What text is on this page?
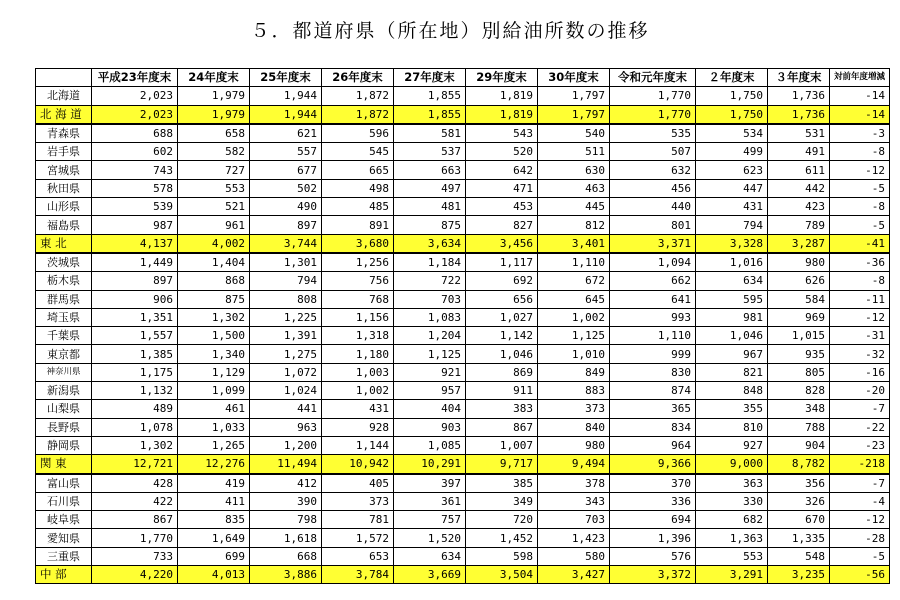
５．都道府県（所在地）別給油所数の推移
	平成23年度末	24年度末	25年度末	26年度末	27年度末	29年度末	30年度末	令和元年度末	２年度末	３年度末	対前年度増減
北海道	2,023	1,979	1,944	1,872	1,855	1,819	1,797	1,770	1,750	1,736	-14
北 海 道	2,023	1,979	1,944	1,872	1,855	1,819	1,797	1,770	1,750	1,736	-14
青森県	688	658	621	596	581	543	540	535	534	531	-3
岩手県	602	582	557	545	537	520	511	507	499	491	-8
宮城県	743	727	677	665	663	642	630	632	623	611	-12
秋田県	578	553	502	498	497	471	463	456	447	442	-5
山形県	539	521	490	485	481	453	445	440	431	423	-8
福島県	987	961	897	891	875	827	812	801	794	789	-5
東 北	4,137	4,002	3,744	3,680	3,634	3,456	3,401	3,371	3,328	3,287	-41
茨城県	1,449	1,404	1,301	1,256	1,184	1,117	1,110	1,094	1,016	980	-36
栃木県	897	868	794	756	722	692	672	662	634	626	-8
群馬県	906	875	808	768	703	656	645	641	595	584	-11
埼玉県	1,351	1,302	1,225	1,156	1,083	1,027	1,002	993	981	969	-12
千葉県	1,557	1,500	1,391	1,318	1,204	1,142	1,125	1,110	1,046	1,015	-31
東京都	1,385	1,340	1,275	1,180	1,125	1,046	1,010	999	967	935	-32
神奈川県	1,175	1,129	1,072	1,003	921	869	849	830	821	805	-16
新潟県	1,132	1,099	1,024	1,002	957	911	883	874	848	828	-20
山梨県	489	461	441	431	404	383	373	365	355	348	-7
長野県	1,078	1,033	963	928	903	867	840	834	810	788	-22
静岡県	1,302	1,265	1,200	1,144	1,085	1,007	980	964	927	904	-23
関 東	12,721	12,276	11,494	10,942	10,291	9,717	9,494	9,366	9,000	8,782	-218
富山県	428	419	412	405	397	385	378	370	363	356	-7
石川県	422	411	390	373	361	349	343	336	330	326	-4
岐阜県	867	835	798	781	757	720	703	694	682	670	-12
愛知県	1,770	1,649	1,618	1,572	1,520	1,452	1,423	1,396	1,363	1,335	-28
三重県	733	699	668	653	634	598	580	576	553	548	-5
中 部	4,220	4,013	3,886	3,784	3,669	3,504	3,427	3,372	3,291	3,235	-56
